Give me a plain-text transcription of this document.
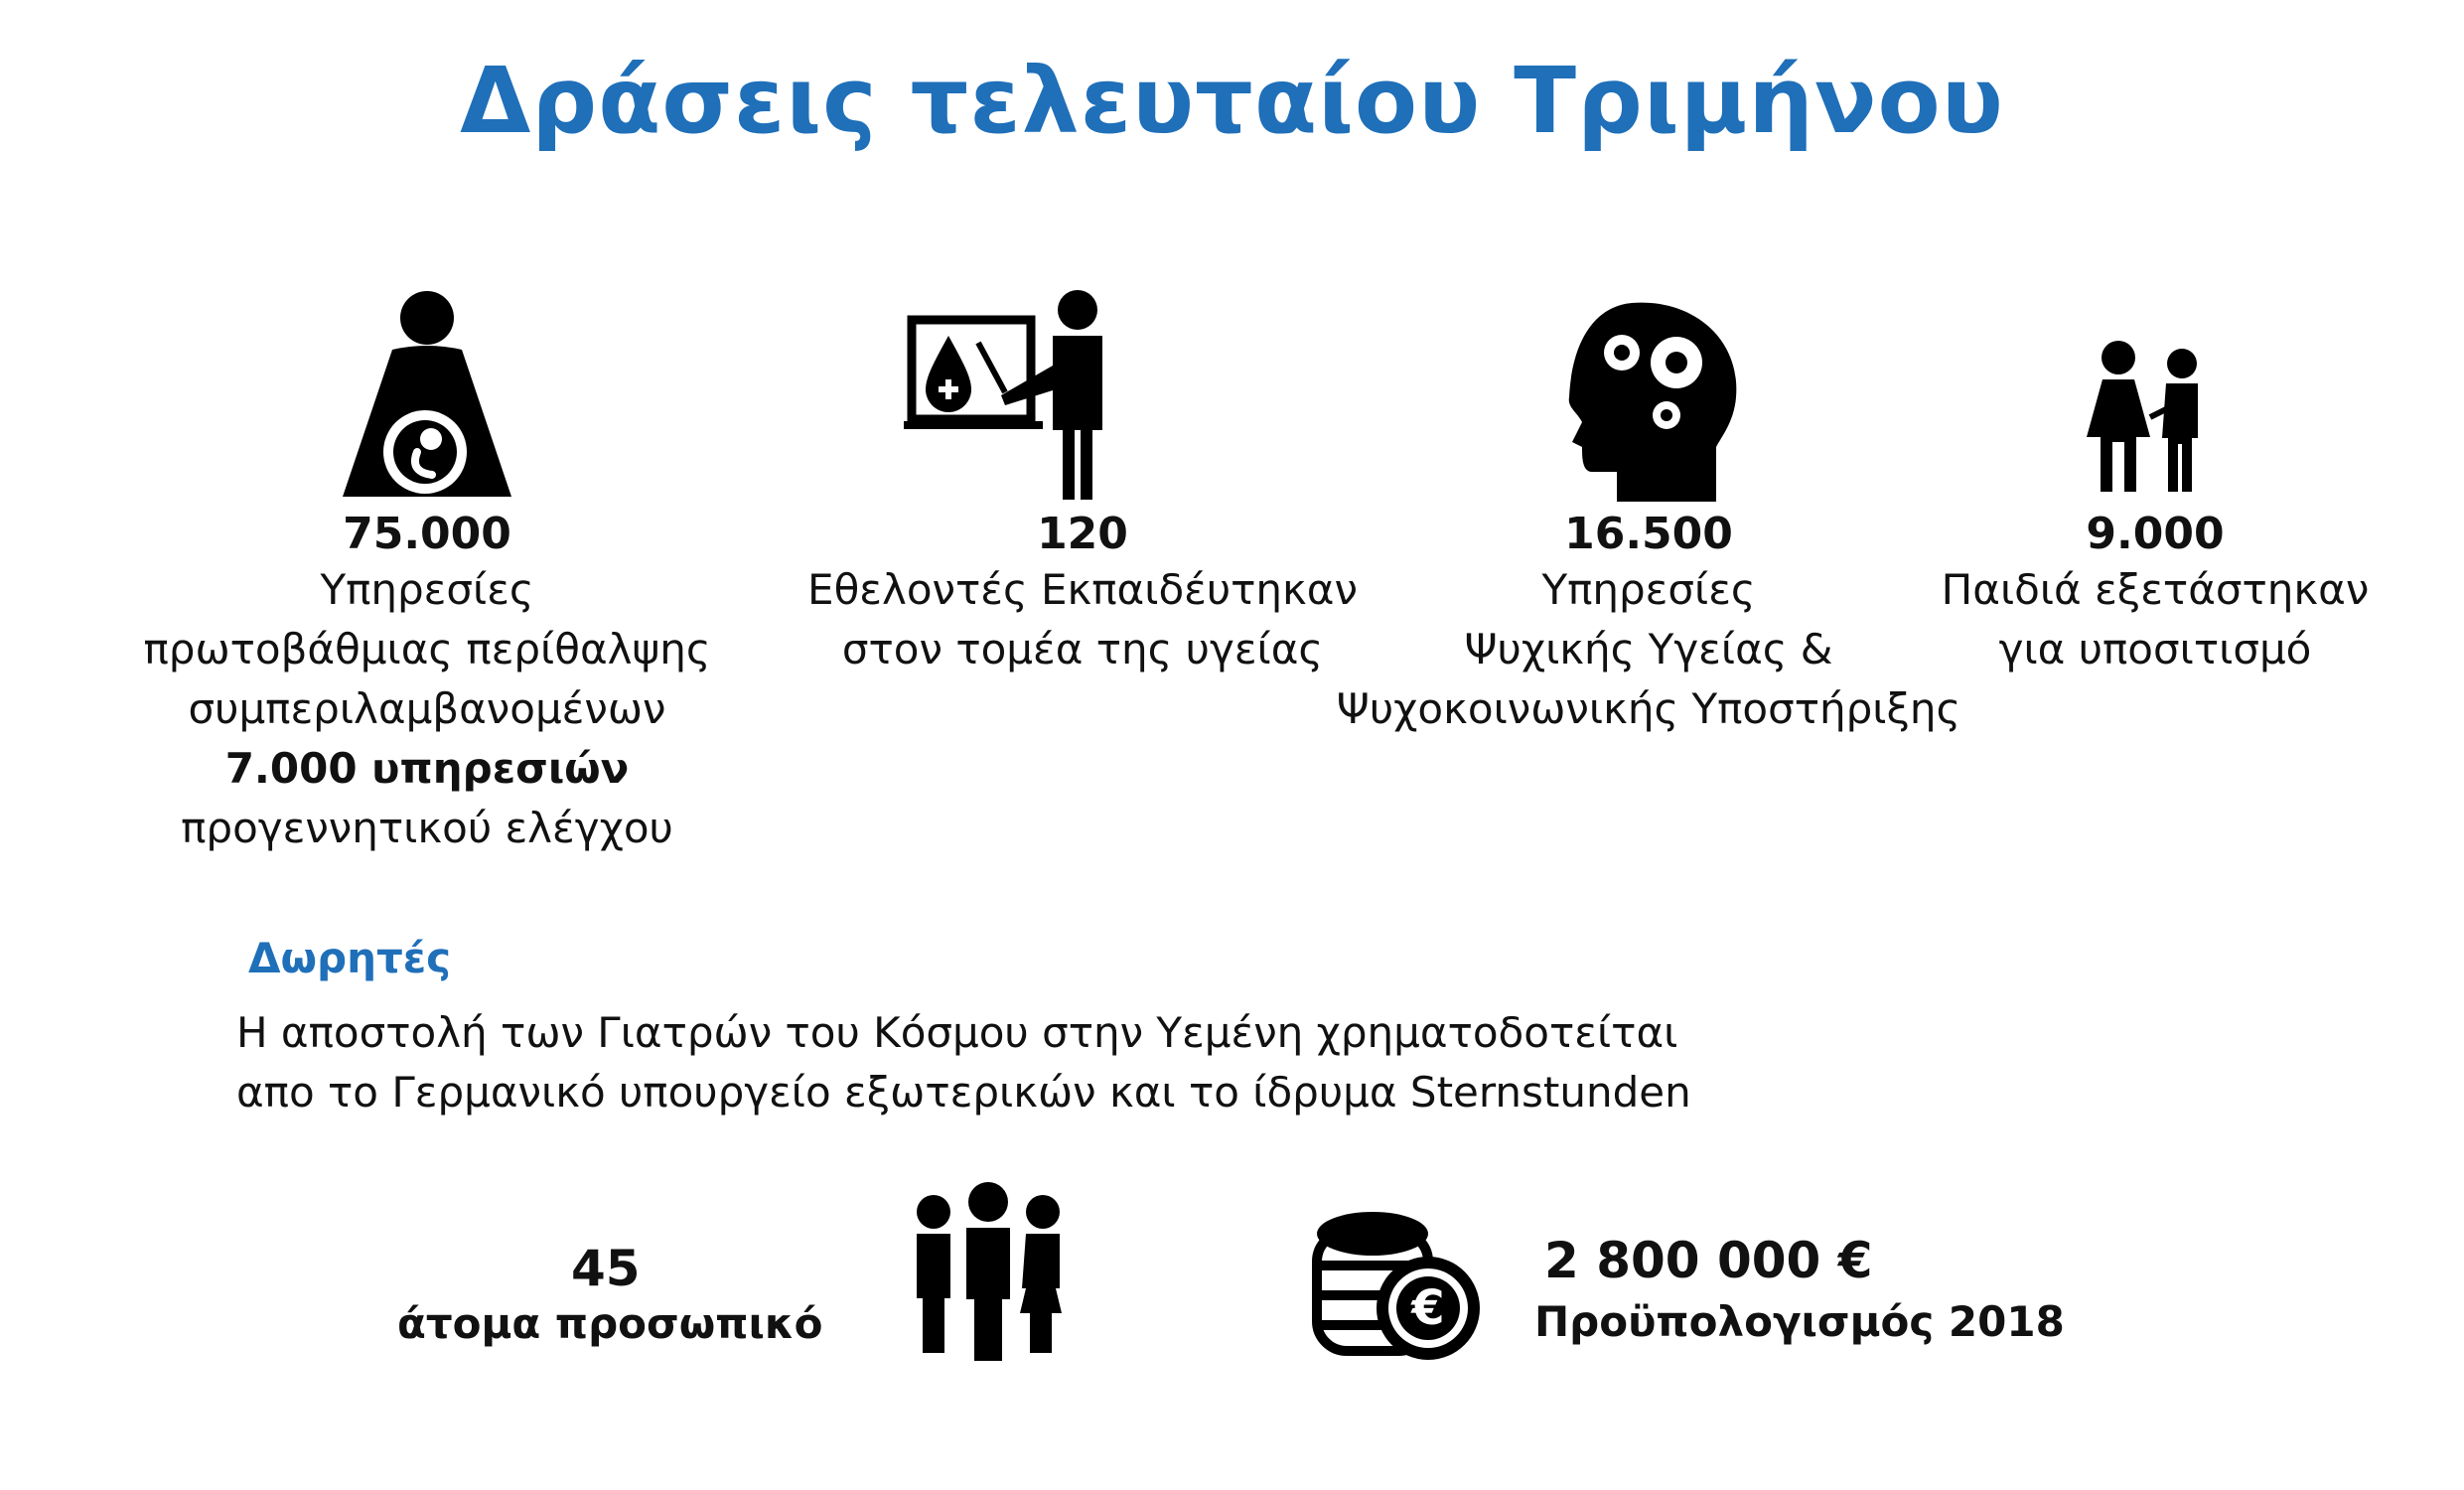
Δράσεις τελευταίου Τριμήνου
75.000
Υπηρεσίες
πρωτοβάθμιας περίθαλψης
συμπεριλαμβανομένων
7.000 υπηρεσιών
προγεννητικού ελέγχου
120
Εθελοντές Εκπαιδέυτηκαν
στον τομέα της υγείας
16.500
Υπηρεσίες
Ψυχικής Υγείας &
Ψυχοκοινωνικής Υποστήριξης
9.000
Παιδιά εξετάστηκαν
για υποσιτισμό
Δωρητές
Η αποστολή των Γιατρών του Κόσμου στην Υεμένη χρηματοδοτείται
απο το Γερμανικό υπουργείο εξωτερικών και το ίδρυμα Sternstunden
45
άτομα προσωπικό	€
2 800 000 €
Προϋπολογισμός 2018
